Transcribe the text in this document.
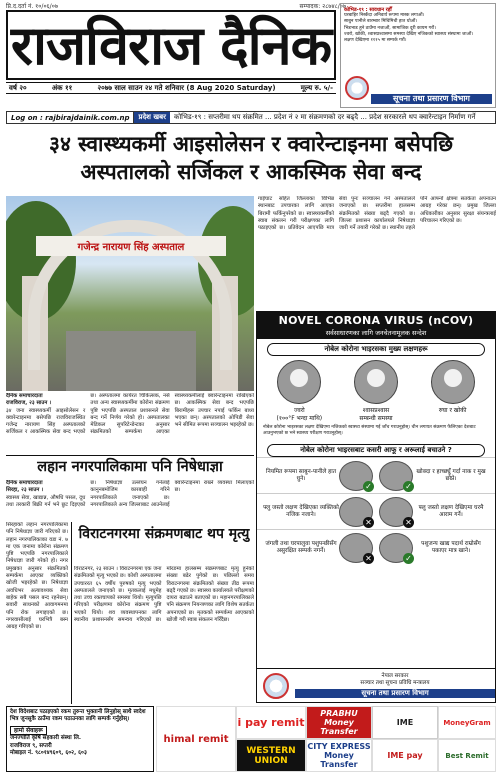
प्रि.द.दर्ता नं. १०/०६/०७	सम्पादक: २८७४८/०७
राजविराज दैनिक
कोभिड-१९ : सावधान रहौँ
घरबाहिर निस्कँदा अनिवार्य रूपमा मास्क लगाऔं।
साबुन पानीले बारम्बार मिचिमिची हात धोऔं।
भिडभाड हुने ठाउँमा नजाऔं, सामाजिक दूरी कायम गरौं।
ज्वरो, खोकी, श्वासप्रश्वासमा समस्या देखिए नजिकको स्वास्थ्य संस्थामा जाऔं।
लक्षण देखिएमा १११५ मा सम्पर्क गरौं।
सूचना तथा प्रसारण विभाग
वर्ष २०	अंक ११	२०७७ साल साउन २४ गते शनिवार (8 Aug 2020 Saturday)	मूल्य रु. ५/-
Log on : rajbirajdainik.com.np	प्रदेश खबर	कोभिड-१९ : सप्तरीमा थप संक्रमित ... प्रदेश नं २ मा संक्रमणको दर बढ्दै ... प्रदेश सरकारले थप क्वारेन्टाइन निर्माण गर्ने
३४ स्वास्थ्यकर्मी आइसोलेसन र क्वारेन्टाइनमा बसेपछि
अस्पतालको सर्जिकल र आकस्मिक सेवा बन्द
गजेन्द्र नारायण सिंह अस्पताल
गाईघाट सहित जिल्लाका विभिन्न स्थानबाट उपचारका लागि आएका बिरामी फर्किनुपरेको छ। स्वास्थ्यकर्मीको स्वाब संकलन गरी परीक्षणका लागि पठाइएको छ। प्रतिवेदन आएपछि मात्र सेवा पुनः सञ्चालन गर्ने अस्पतालले जनाएको छ। सप्तरीमा हालसम्म संक्रमितको संख्या बढ्दै गएको छ। जिल्ला प्रशासन कार्यालयले निषेधाज्ञा जारी गर्ने तयारी गरेको छ। स्थानीय तहले पनि आफ्नो क्षेत्रमा सतर्कता अपनाउन आग्रह गरेका छन्। प्रमुख जिल्ला अधिकारीका अनुसार सुरक्षा संयन्त्रलाई परिचालन गरिएको छ।
दैनिक समाचारदाता
राजविराज, २३ साउन ।
३४ जना स्वास्थ्यकर्मी आइसोलेसन र क्वारेन्टाइनमा बसेपछि राजविराजस्थित गजेन्द्र नारायण सिंह अस्पतालको सर्जिकल र आकस्मिक सेवा बन्द भएको छ। अस्पतालमा कार्यरत चिकित्सक, नर्स तथा अन्य स्वास्थ्यकर्मीमा कोरोना संक्रमण पुष्टि भएपछि अस्पताल प्रशासनले सेवा बन्द गर्ने निर्णय गरेको हो। अस्पतालका मेडिकल सुपरिटेन्डेन्टका अनुसार संक्रमितको सम्पर्कमा आएका स्वास्थ्यकर्मीलाई क्वारेन्टाइनमा राखिएको छ। आकस्मिक सेवा बन्द भएपछि बिरामीहरू उपचार नपाई फर्किन बाध्य भएका छन्। अस्पतालको ओपिडी सेवा भने सीमित रूपमा सञ्चालन भइरहेको छ।
लहान नगरपालिकामा पनि निषेधाज्ञा
दैनिक समाचारदाता
सिरहा, २३ साउन ।
स्वास्थ्य सेवा, खाद्यान्न, औषधि पसल, दूध तथा तरकारी बिक्री गर्न भने छुट दिइएको छ। निषेधाज्ञा उल्लंघन गर्नेलाई कानुनबमोजिम कारबाही गरिने नगरपालिकाले जनाएको छ। नगरपालिकाले अन्य जिल्लाबाट आउनेलाई क्वारेन्टाइनमा राख्ने व्यवस्था मिलाएको छ।
सिरहाको लहान नगरपालिकामा पनि निषेधाज्ञा जारी गरिएको छ। लहान नगरपालिकाका वडा नं. ७ मा एक जनामा कोरोना संक्रमण पुष्टि भएपछि नगरपालिकाले निषेधाज्ञा जारी गरेको हो। नगर प्रमुखका अनुसार संक्रमितको सम्पर्कमा आएका व्यक्तिको खोजी भइरहेको छ। निषेधाज्ञा अवधिभर अत्यावश्यक सेवा बाहेक सबै पसल बन्द रहनेछन्। सवारी साधनको आवागमनमा पनि रोक लगाइएको छ। नगरवासीलाई घरभित्रै बस्न आग्रह गरिएको छ।
विराटनगरमा संक्रमणबाट थप मृत्यु
विराटनगर, २३ साउन । विराटनगरमा एक जना संक्रमितको मृत्यु भएको छ। कोशी अस्पतालमा उपचाररत ६५ वर्षीय पुरुषको मृत्यु भएको अस्पतालले जनाएको छ। मृतकलाई मधुमेह तथा उच्च रक्तचापको समस्या थियो। मृत्युपछि गरिएको परीक्षणमा कोरोना संक्रमण पुष्टि भएको थियो। शव व्यवस्थापनका लागि स्थानीय प्रशासनसँग समन्वय गरिएको छ। मोरङमा हालसम्म संक्रमणबाट मृत्यु हुनेको संख्या बढेर पुगेको छ। पछिल्लो समय विराटनगरमा संक्रमितको संख्या तीव्र रूपमा बढ्दै गएको छ। स्वास्थ्य कार्यालयले परीक्षणको दायरा बढाउने बताएको छ। महानगरपालिकाले पनि संक्रमण नियन्त्रणका लागि विशेष सतर्कता अपनाएको छ। मृतकको सम्पर्कमा आएकाको खोजी गरी स्वाब संकलन गरिँदैछ।
NOVEL CORONA VIRUS (nCOV)
सर्वसाधारणका लागि जनचेतनामूलक सन्देश
नोबेल कोरोना भाइरसका मुख्य लक्षणहरू
ज्वरो
(१००°F भन्दा माथि)
श्वासप्रश्वास
सम्बन्धी समस्या
रुघा र खोकी
नोबेल कोरोना भाइरसका लक्षण देखिएमा नजिकको स्वास्थ्य संस्थामा गई जाँच गराउनुहोस्। चीन लगायत संक्रमण फैलिएका देशबाट आउनुभएको छ भने स्वास्थ्य परीक्षण गराउनुहोस्।
नोबेल कोरोना भाइरसबाट कसरी आफू र अरूलाई बचाउने ?
नियमित रूपमा साबुन-पानीले हात धुने।
✓	✓
खोक्दा र हाच्छ्युँ गर्दा नाक र मुख छोप्ने।
फ्लु जस्तो लक्षण देखिएका व्यक्तिको नजिक नजाने।
✕	✕
फ्लु जस्तो लक्षण देखिएमा घरमै आराम गर्ने।
जंगली तथा घरपालुवा पशुपन्छीसँग असुरक्षित सम्पर्क नगर्ने।
✕	✓
पशुजन्य खाद्य पदार्थ राम्रोसँग पकाएर मात्र खाने।
नेपाल सरकार
सञ्चार तथा सूचना प्रविधि मन्त्रालय
सूचना तथा प्रसारण विभाग
देश विदेशबाट पठाइएको रकम तुरुन्त भुक्तानी लिनुहोस् साथै स्वदेश भित्र जुनसुकै ठाउँमा रकम पठाउनका लागि सम्पर्क गर्नुहोस्।
हामो सेवाहरू
जनज्योति कृषि सहकारी संस्था लि.
राजविराज ९, सप्तरी
मोबाइल नं. ९८०१४९६०९, ६०२, ६०३
i pay remit
PRABHU Money Transfer
IME
himal remit
MoneyGram
WESTERN UNION
CITY EXPRESS Money Transfer
IME pay	Best Remit
